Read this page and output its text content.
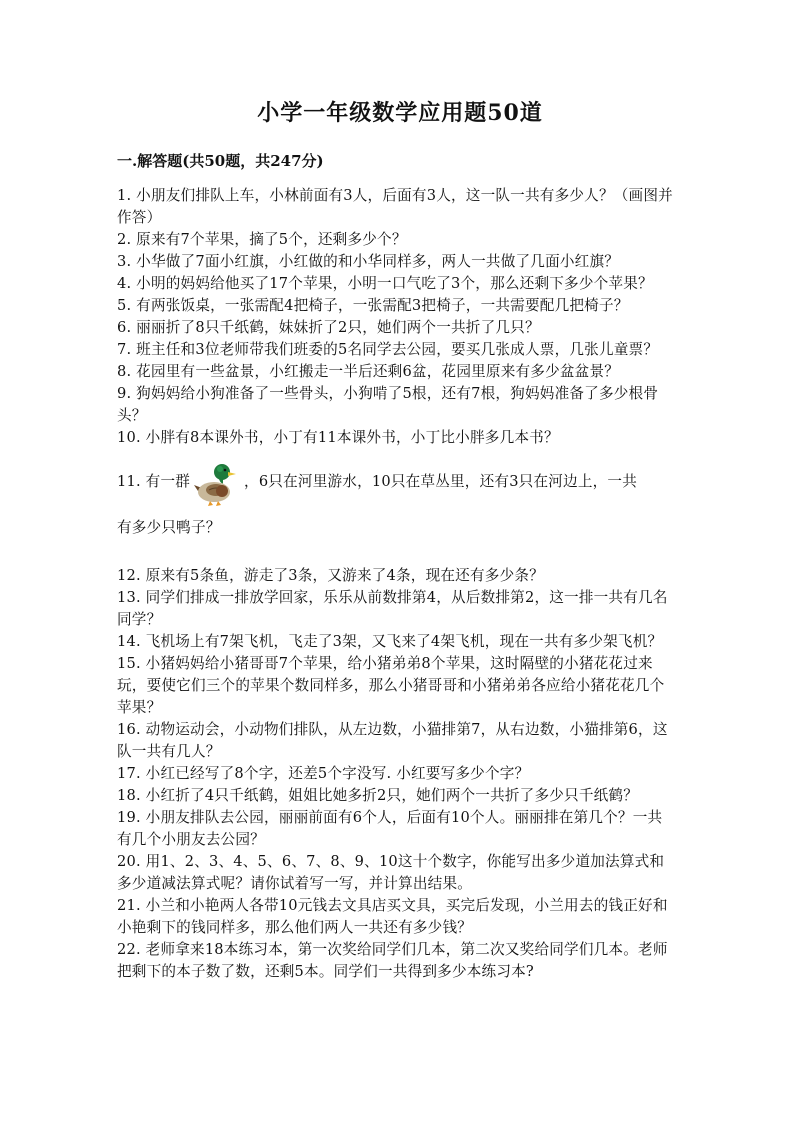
小学一年级数学应用题50道
一.解答题(共50题，共247分)

1. 小朋友们排队上车，小林前面有3人，后面有3人，这一队一共有多少人？（画图并作答）

2. 原来有7个苹果，摘了5个，还剩多少个？

3. 小华做了7面小红旗，小红做的和小华同样多，两人一共做了几面小红旗？

4. 小明的妈妈给他买了17个苹果，小明一口气吃了3个，那么还剩下多少个苹果？

5. 有两张饭桌，一张需配4把椅子，一张需配3把椅子，一共需要配几把椅子？

6. 丽丽折了8只千纸鹤，妹妹折了2只，她们两个一共折了几只？

7. 班主任和3位老师带我们班委的5名同学去公园，要买几张成人票，几张儿童票？

8. 花园里有一些盆景，小红搬走一半后还剩6盆，花园里原来有多少盆盆景？

9. 狗妈妈给小狗准备了一些骨头，小狗啃了5根，还有7根，狗妈妈准备了多少根骨头？

10. 小胖有8本课外书，小丁有11本课外书，小丁比小胖多几本书？

11. 有一群	，6只在河里游水，10只在草丛里，还有3只在河边上，一共
有多少只鸭子？

12. 原来有5条鱼，游走了3条，又游来了4条，现在还有多少条？

13. 同学们排成一排放学回家，乐乐从前数排第4，从后数排第2，这一排一共有几名同学？

14. 飞机场上有7架飞机，飞走了3架，又飞来了4架飞机，现在一共有多少架飞机？

15. 小猪妈妈给小猪哥哥7个苹果，给小猪弟弟8个苹果，这时隔壁的小猪花花过来玩，要使它们三个的苹果个数同样多，那么小猪哥哥和小猪弟弟各应给小猪花花几个苹果？

16. 动物运动会，小动物们排队，从左边数，小猫排第7，从右边数，小猫排第6，这队一共有几人？

17. 小红已经写了8个字，还差5个字没写. 小红要写多少个字？

18. 小红折了4只千纸鹤，姐姐比她多折2只，她们两个一共折了多少只千纸鹤？

19. 小朋友排队去公园，丽丽前面有6个人，后面有10个人。丽丽排在第几个？一共有几个小朋友去公园？

20. 用1、2、3、4、5、6、7、8、9、10这十个数字，你能写出多少道加法算式和多少道减法算式呢？请你试着写一写，并计算出结果。

21. 小兰和小艳两人各带10元钱去文具店买文具，买完后发现，小兰用去的钱正好和小艳剩下的钱同样多，那么他们两人一共还有多少钱？

22. 老师拿来18本练习本，第一次奖给同学们几本，第二次又奖给同学们几本。老师把剩下的本子数了数，还剩5本。同学们一共得到多少本练习本?
